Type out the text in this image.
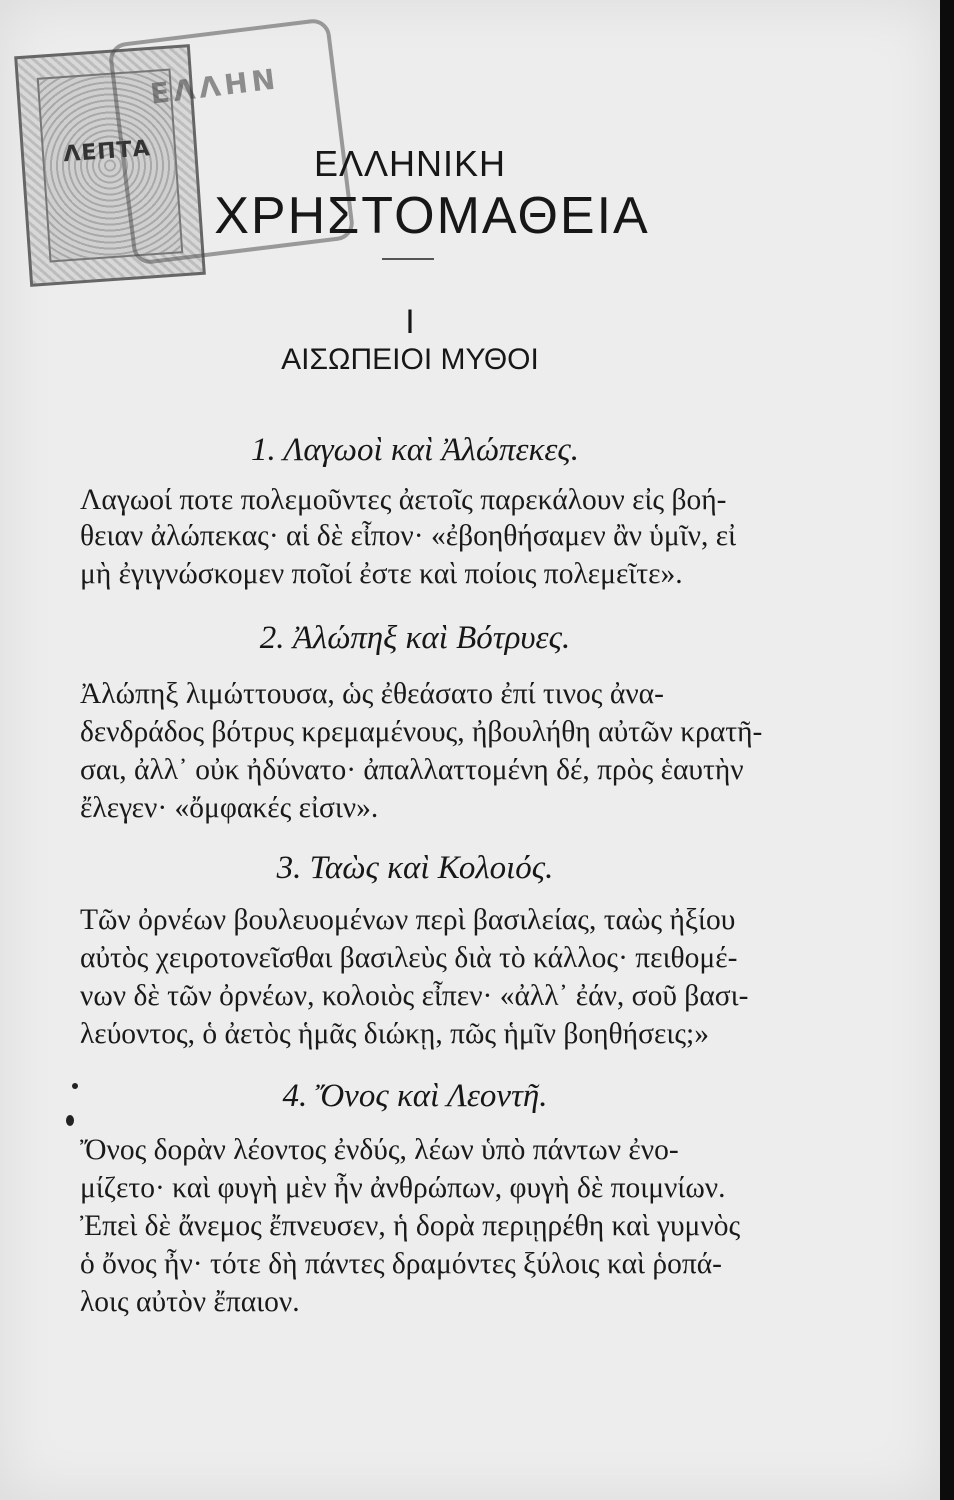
ΛΕΠΤΑ
ΕΛΛΗΝ
ΕΛΛΗΝΙΚΗ
ΧΡΗΣΤΟΜΑΘΕΙΑ
Ι
ΑΙΣΩΠΕΙΟΙ ΜΥΘΟΙ
1. Λαγωοὶ καὶ Ἀλώπεκες.
Λαγωοί ποτε πολεμοῦντες ἀετοῖς παρεκάλουν εἰς βοή-
θειαν ἀλώπεκας· αἱ δὲ εἶπον· «ἐβοηθήσαμεν ἂν ὑμῖν, εἰ
μὴ ἐγιγνώσκομεν ποῖοί ἐστε καὶ ποίοις πολεμεῖτε».
2. Ἀλώπηξ καὶ Βότρυες.
Ἀλώπηξ λιμώττουσα, ὡς ἐθεάσατο ἐπί τινος ἀνα-
δενδράδος βότρυς κρεμαμένους, ἠβουλήθη αὐτῶν κρατῆ-
σαι, ἀλλ᾽ οὐκ ἠδύνατο· ἀπαλλαττομένη δέ, πρὸς ἑαυτὴν
ἔλεγεν· «ὄμφακές εἰσιν».
3. Ταὼς καὶ Κολοιός.
Τῶν ὀρνέων βουλευομένων περὶ βασιλείας, ταὼς ἠξίου
αὐτὸς χειροτονεῖσθαι βασιλεὺς διὰ τὸ κάλλος· πειθομέ-
νων δὲ τῶν ὀρνέων, κολοιὸς εἶπεν· «ἀλλ᾽ ἐάν, σοῦ βασι-
λεύοντος, ὁ ἀετὸς ἡμᾶς διώκῃ, πῶς ἡμῖν βοηθήσεις;»
4. Ὄνος καὶ Λεοντῆ.
Ὄνος δορὰν λέοντος ἐνδύς, λέων ὑπὸ πάντων ἐνο-
μίζετο· καὶ φυγὴ μὲν ἦν ἀνθρώπων, φυγὴ δὲ ποιμνίων.
Ἐπεὶ δὲ ἄνεμος ἔπνευσεν, ἡ δορὰ περιῃρέθη καὶ γυμνὸς
ὁ ὄνος ἦν· τότε δὴ πάντες δραμόντες ξύλοις καὶ ῥοπά-
λοις αὐτὸν ἔπαιον.
